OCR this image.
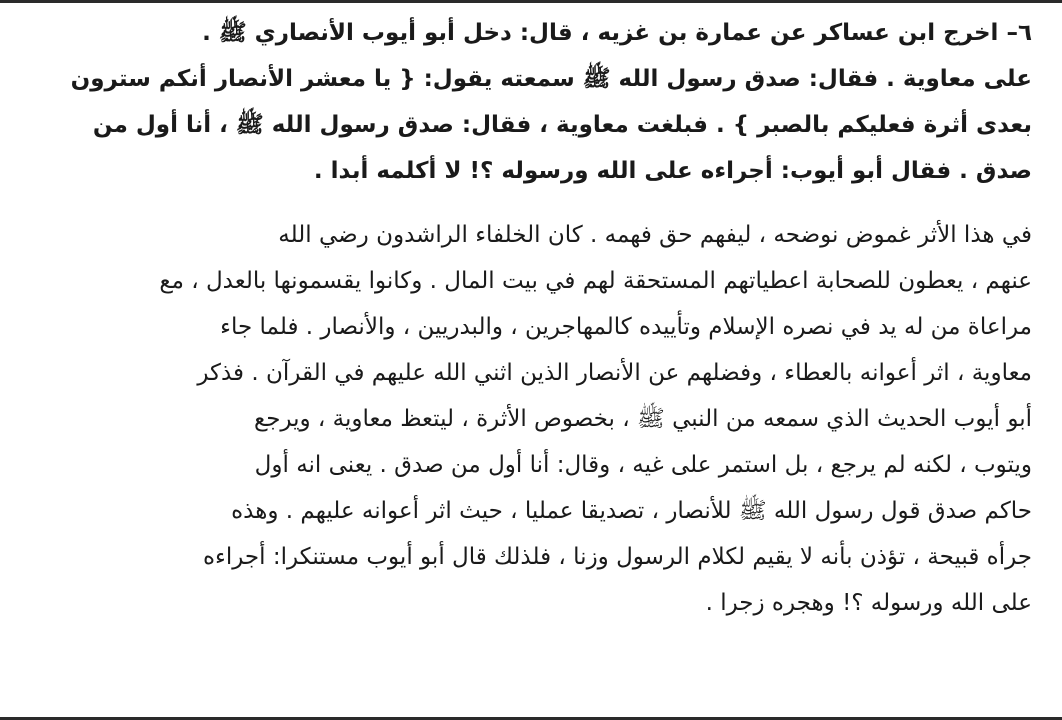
٦– اخرج ابن عساكر عن عمارة بن غزيه ، قال: دخل أبو أيوب الأنصاري ﷺ .
على معاوية . فقال: صدق رسول الله ﷺ سمعته يقول: { يا معشر الأنصار أنكم سترون
بعدى أثرة فعليكم بالصبر } . فبلغت معاوية ، فقال: صدق رسول الله ﷺ ، أنا أول من
صدق . فقال أبو أيوب: أجراءه على الله ورسوله ؟! لا أكلمه أبدا .

في هذا الأثر غموض نوضحه ، ليفهم حق فهمه . كان الخلفاء الراشدون رضي الله
عنهم ، يعطون للصحابة اعطياتهم المستحقة لهم في بيت المال . وكانوا يقسمونها بالعدل ، مع
مراعاة من له يد في نصره الإسلام وتأييده كالمهاجرين ، والبدريين ، والأنصار . فلما جاء
معاوية ، اثر أعوانه بالعطاء ، وفضلهم عن الأنصار الذين اثني الله عليهم في القرآن . فذكر
أبو أيوب الحديث الذي سمعه من النبي ﷺ ، بخصوص الأثرة ، ليتعظ معاوية ، ويرجع
ويتوب ، لكنه لم يرجع ، بل استمر على غيه ، وقال: أنا أول من صدق . يعنى انه أول
حاكم صدق قول رسول الله ﷺ للأنصار ، تصديقا عمليا ، حيث اثر أعوانه عليهم . وهذه
جرأه قبيحة ، تؤذن بأنه لا يقيم لكلام الرسول وزنا ، فلذلك قال أبو أيوب مستنكرا: أجراءه
على الله ورسوله ؟! وهجره زجرا .
